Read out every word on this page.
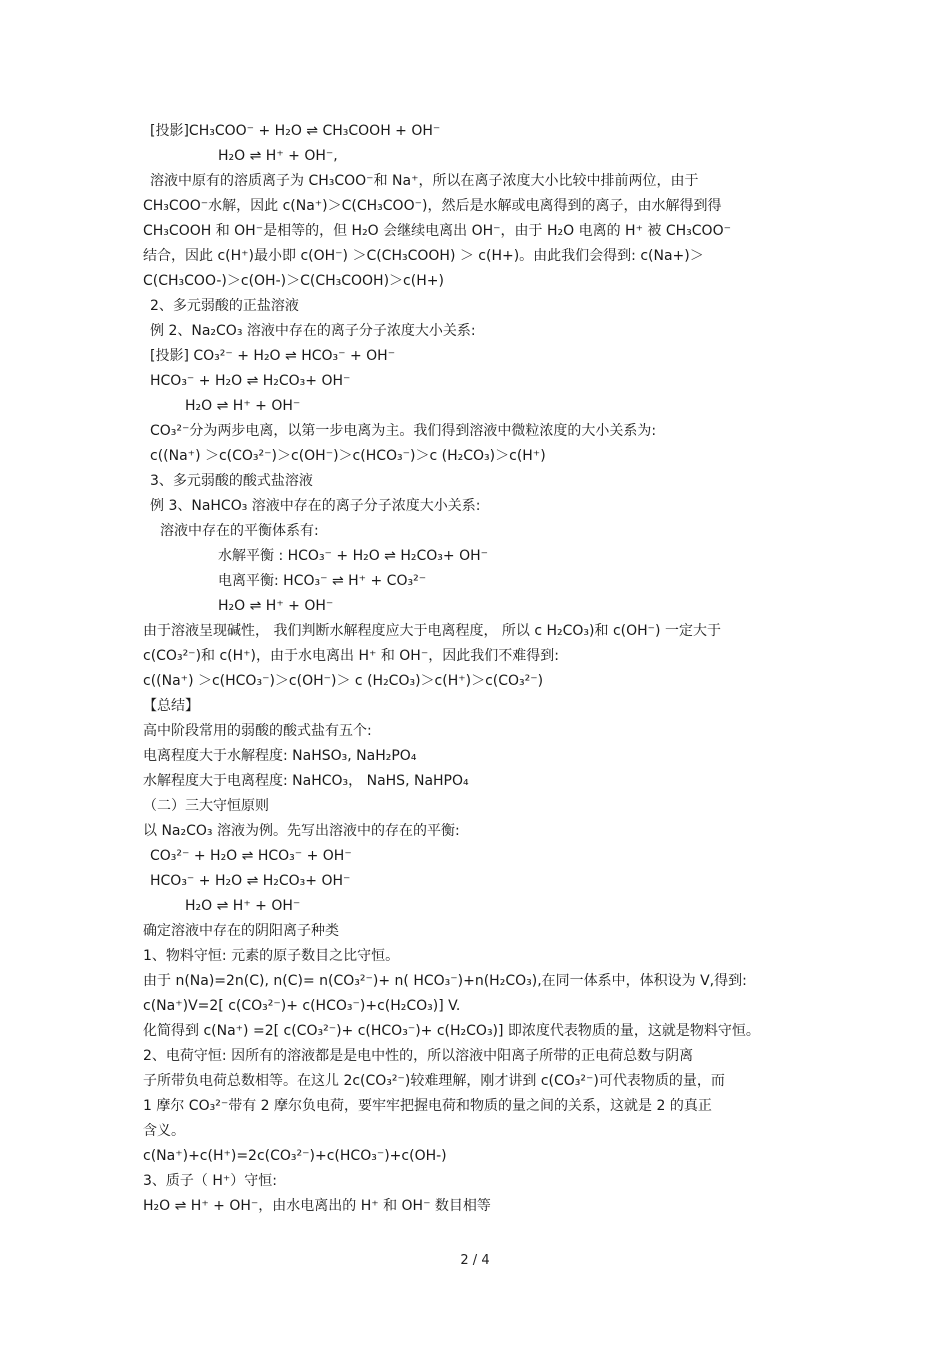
[投影]CH₃COO⁻ + H₂O ⇌ CH₃COOH + OH⁻
H₂O ⇌ H⁺ + OH⁻,
溶液中原有的溶质离子为 CH₃COO⁻和 Na⁺，所以在离子浓度大小比较中排前两位，由于
CH₃COO⁻水解，因此 c(Na⁺)＞C(CH₃COO⁻)，然后是水解或电离得到的离子，由水解得到得
CH₃COOH 和 OH⁻是相等的，但 H₂O 会继续电离出 OH⁻，由于 H₂O 电离的 H⁺ 被 CH₃COO⁻
结合，因此 c(H⁺)最小即 c(OH⁻) ＞C(CH₃COOH) ＞ c(H+)。由此我们会得到: c(Na+)＞
C(CH₃COO-)＞c(OH-)＞C(CH₃COOH)＞c(H+)
2、多元弱酸的正盐溶液
例 2、Na₂CO₃ 溶液中存在的离子分子浓度大小关系:
[投影] CO₃²⁻ + H₂O ⇌ HCO₃⁻ + OH⁻
HCO₃⁻ + H₂O ⇌ H₂CO₃+ OH⁻
H₂O ⇌ H⁺ + OH⁻
CO₃²⁻分为两步电离，以第一步电离为主。我们得到溶液中微粒浓度的大小关系为:
c((Na⁺) ＞c(CO₃²⁻)＞c(OH⁻)＞c(HCO₃⁻)＞c (H₂CO₃)＞c(H⁺)
3、多元弱酸的酸式盐溶液
例 3、NaHCO₃ 溶液中存在的离子分子浓度大小关系:
溶液中存在的平衡体系有:
水解平衡 : HCO₃⁻ + H₂O ⇌ H₂CO₃+ OH⁻
电离平衡: HCO₃⁻ ⇌ H⁺ + CO₃²⁻
H₂O ⇌ H⁺ + OH⁻
由于溶液呈现碱性， 我们判断水解程度应大于电离程度， 所以 c H₂CO₃)和 c(OH⁻) 一定大于
c(CO₃²⁻)和 c(H⁺)，由于水电离出 H⁺ 和 OH⁻，因此我们不难得到:
c((Na⁺) ＞c(HCO₃⁻)＞c(OH⁻)＞ c (H₂CO₃)＞c(H⁺)＞c(CO₃²⁻)
【总结】
高中阶段常用的弱酸的酸式盐有五个:
电离程度大于水解程度: NaHSO₃, NaH₂PO₄
水解程度大于电离程度: NaHCO₃， NaHS, NaHPO₄
（二）三大守恒原则
以 Na₂CO₃ 溶液为例。先写出溶液中的存在的平衡:
CO₃²⁻ + H₂O ⇌ HCO₃⁻ + OH⁻
HCO₃⁻ + H₂O ⇌ H₂CO₃+ OH⁻
H₂O ⇌ H⁺ + OH⁻
确定溶液中存在的阴阳离子种类
1、物料守恒: 元素的原子数目之比守恒。
由于 n(Na)=2n(C), n(C)= n(CO₃²⁻)+ n( HCO₃⁻)+n(H₂CO₃),在同一体系中，体积设为 V,得到:
c(Na⁺)V=2[ c(CO₃²⁻)+ c(HCO₃⁻)+c(H₂CO₃)] V.
化简得到 c(Na⁺) =2[ c(CO₃²⁻)+ c(HCO₃⁻)+ c(H₂CO₃)] 即浓度代表物质的量，这就是物料守恒。
2、电荷守恒: 因所有的溶液都是是电中性的，所以溶液中阳离子所带的正电荷总数与阴离
子所带负电荷总数相等。在这儿 2c(CO₃²⁻)较难理解，刚才讲到 c(CO₃²⁻)可代表物质的量，而
1 摩尔 CO₃²⁻带有 2 摩尔负电荷，要牢牢把握电荷和物质的量之间的关系，这就是 2 的真正
含义。
c(Na⁺)+c(H⁺)=2c(CO₃²⁻)+c(HCO₃⁻)+c(OH-)
3、质子（ H⁺）守恒:
H₂O ⇌ H⁺ + OH⁻，由水电离出的 H⁺ 和 OH⁻ 数目相等
2 / 4
